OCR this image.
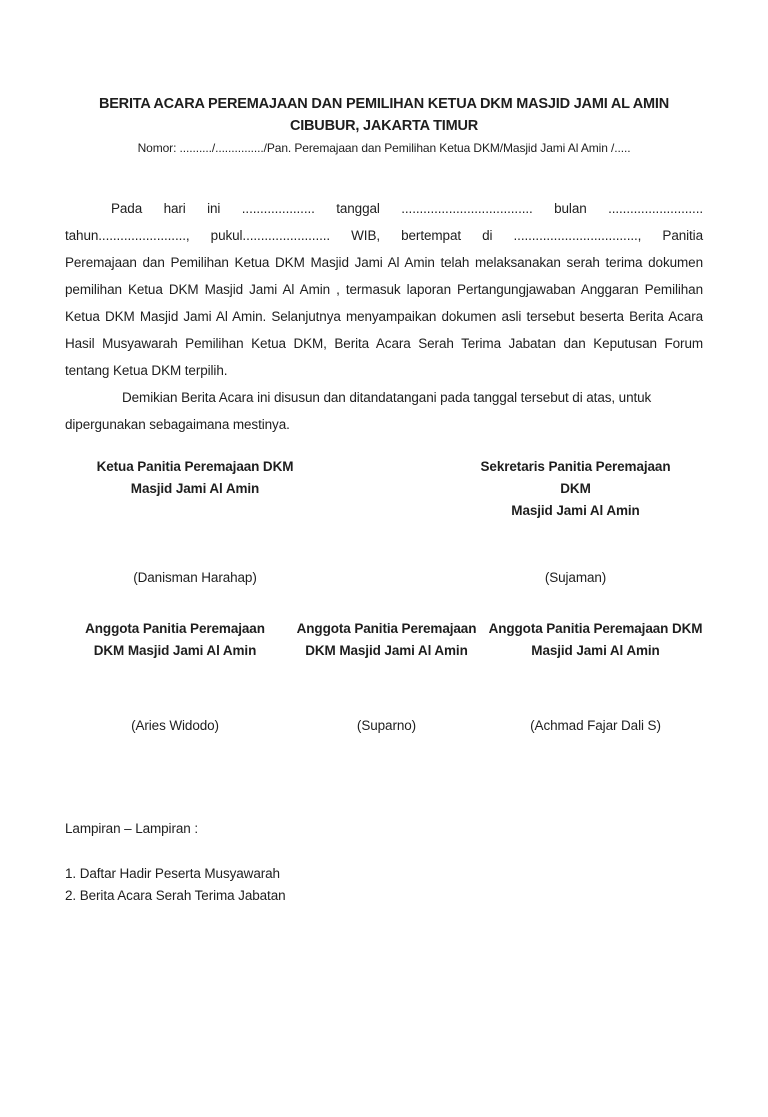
BERITA ACARA PEREMAJAAN DAN PEMILIHAN KETUA DKM MASJID JAMI AL AMIN
CIBUBUR, JAKARTA TIMUR
Nomor: ........../.............../Pan. Peremajaan dan Pemilihan Ketua DKM/Masjid Jami Al Amin /.....
Pada hari ini .................... tanggal .................................... bulan ..........................
tahun........................, pukul........................ WIB, bertempat di .................................., Panitia
Peremajaan dan Pemilihan Ketua DKM Masjid Jami Al Amin telah melaksanakan serah terima dokumen
pemilihan Ketua DKM Masjid Jami Al Amin , termasuk laporan Pertangungjawaban Anggaran Pemilihan
Ketua DKM Masjid Jami Al Amin. Selanjutnya menyampaikan dokumen asli tersebut beserta Berita Acara
Hasil Musyawarah Pemilihan Ketua DKM, Berita Acara Serah Terima Jabatan dan Keputusan Forum
tentang Ketua DKM terpilih.
Demikian Berita Acara ini disusun dan ditandatangani pada tanggal tersebut di atas, untuk
dipergunakan sebagaimana mestinya.
Ketua Panitia Peremajaan DKM
Masjid Jami Al Amin
(Danisman Harahap)
Sekretaris Panitia Peremajaan
DKM
Masjid Jami Al Amin
(Sujaman)
Anggota Panitia Peremajaan
DKM Masjid Jami Al Amin
(Aries Widodo)
Anggota Panitia Peremajaan
DKM Masjid Jami Al Amin
(Suparno)
Anggota Panitia Peremajaan DKM
Masjid Jami Al Amin
(Achmad Fajar Dali S)
Lampiran – Lampiran :
1. Daftar Hadir Peserta Musyawarah
2. Berita Acara Serah Terima Jabatan
